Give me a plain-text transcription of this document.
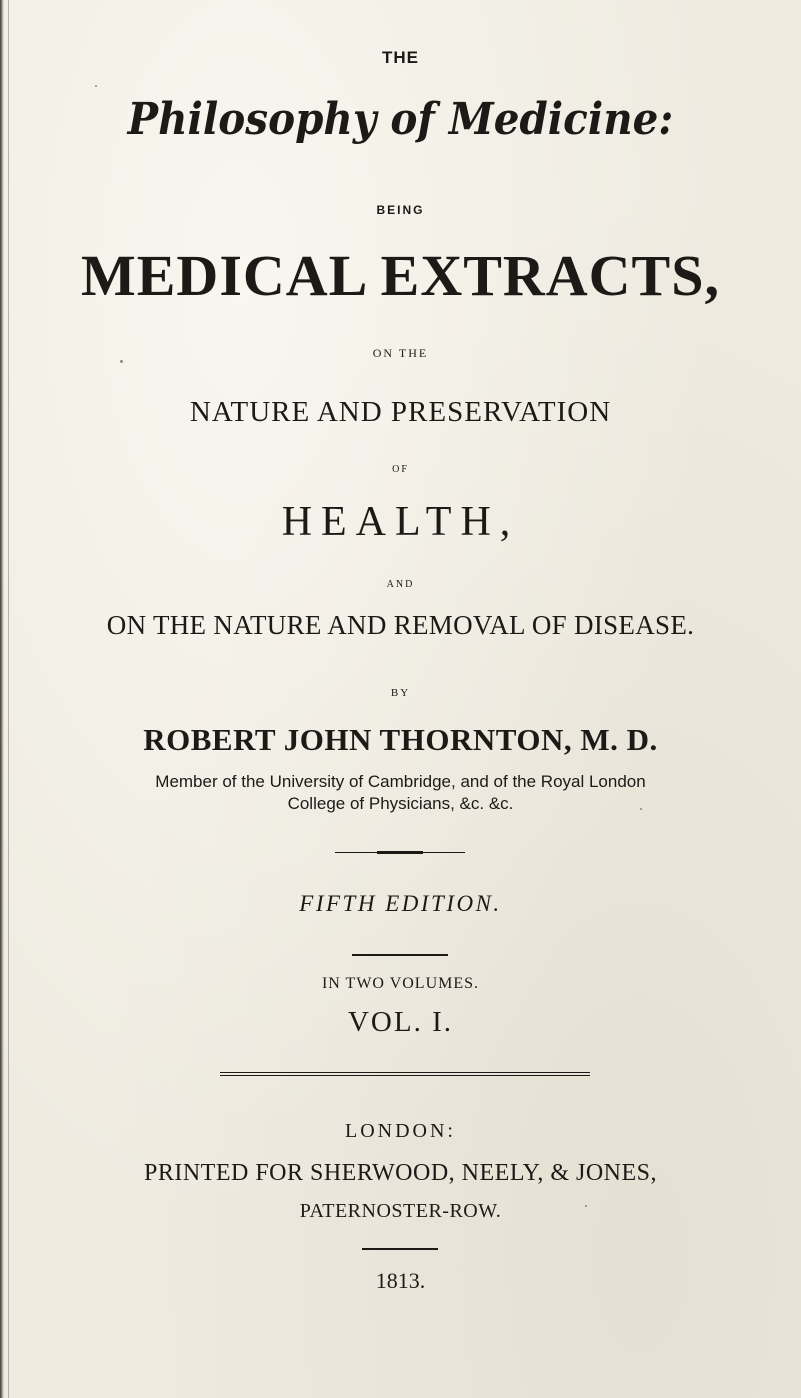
THE
Philosophy of Medicine:
BEING
MEDICAL EXTRACTS,
ON THE
NATURE AND PRESERVATION
OF
HEALTH,
AND
ON THE NATURE AND REMOVAL OF DISEASE.
BY
ROBERT JOHN THORNTON, M. D.
Member of the University of Cambridge, and of the Royal London
College of Physicians, &c. &c.
FIFTH EDITION.
IN TWO VOLUMES.
VOL. I.
LONDON:
PRINTED FOR SHERWOOD, NEELY, & JONES,
PATERNOSTER-ROW.
1813.
